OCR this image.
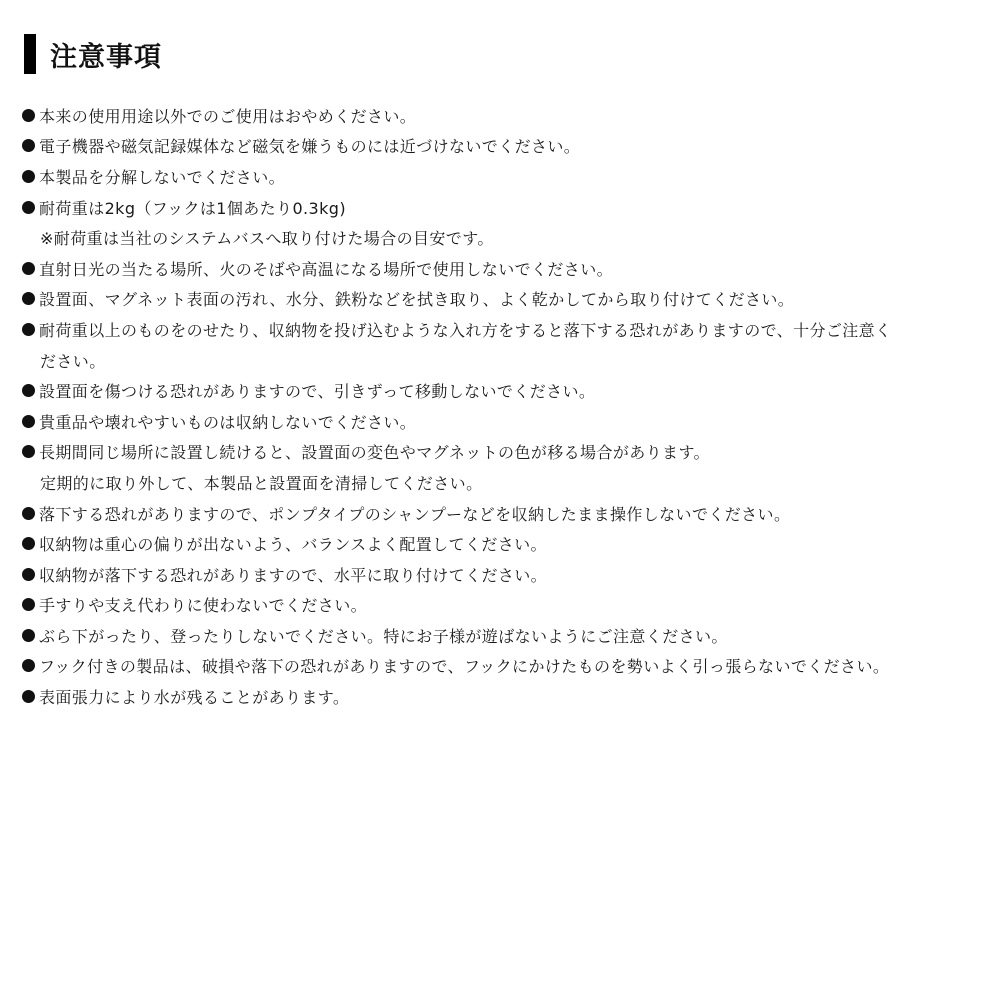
注意事項
本来の使用用途以外でのご使用はおやめください。
電子機器や磁気記録媒体など磁気を嫌うものには近づけないでください。
本製品を分解しないでください。
耐荷重は2kg（フックは1個あたり0.3kg)
※耐荷重は当社のシステムバスへ取り付けた場合の目安です。
直射日光の当たる場所、火のそばや高温になる場所で使用しないでください。
設置面、マグネット表面の汚れ、水分、鉄粉などを拭き取り、よく乾かしてから取り付けてください。
耐荷重以上のものをのせたり、収納物を投げ込むような入れ方をすると落下する恐れがありますので、十分ご注意く
ださい。
設置面を傷つける恐れがありますので、引きずって移動しないでください。
貴重品や壊れやすいものは収納しないでください。
長期間同じ場所に設置し続けると、設置面の変色やマグネットの色が移る場合があります。
定期的に取り外して、本製品と設置面を清掃してください。
落下する恐れがありますので、ポンプタイプのシャンプーなどを収納したまま操作しないでください。
収納物は重心の偏りが出ないよう、バランスよく配置してください。
収納物が落下する恐れがありますので、水平に取り付けてください。
手すりや支え代わりに使わないでください。
ぶら下がったり、登ったりしないでください。特にお子様が遊ばないようにご注意ください。
フック付きの製品は、破損や落下の恐れがありますので、フックにかけたものを勢いよく引っ張らないでください。
表面張力により水が残ることがあります。
